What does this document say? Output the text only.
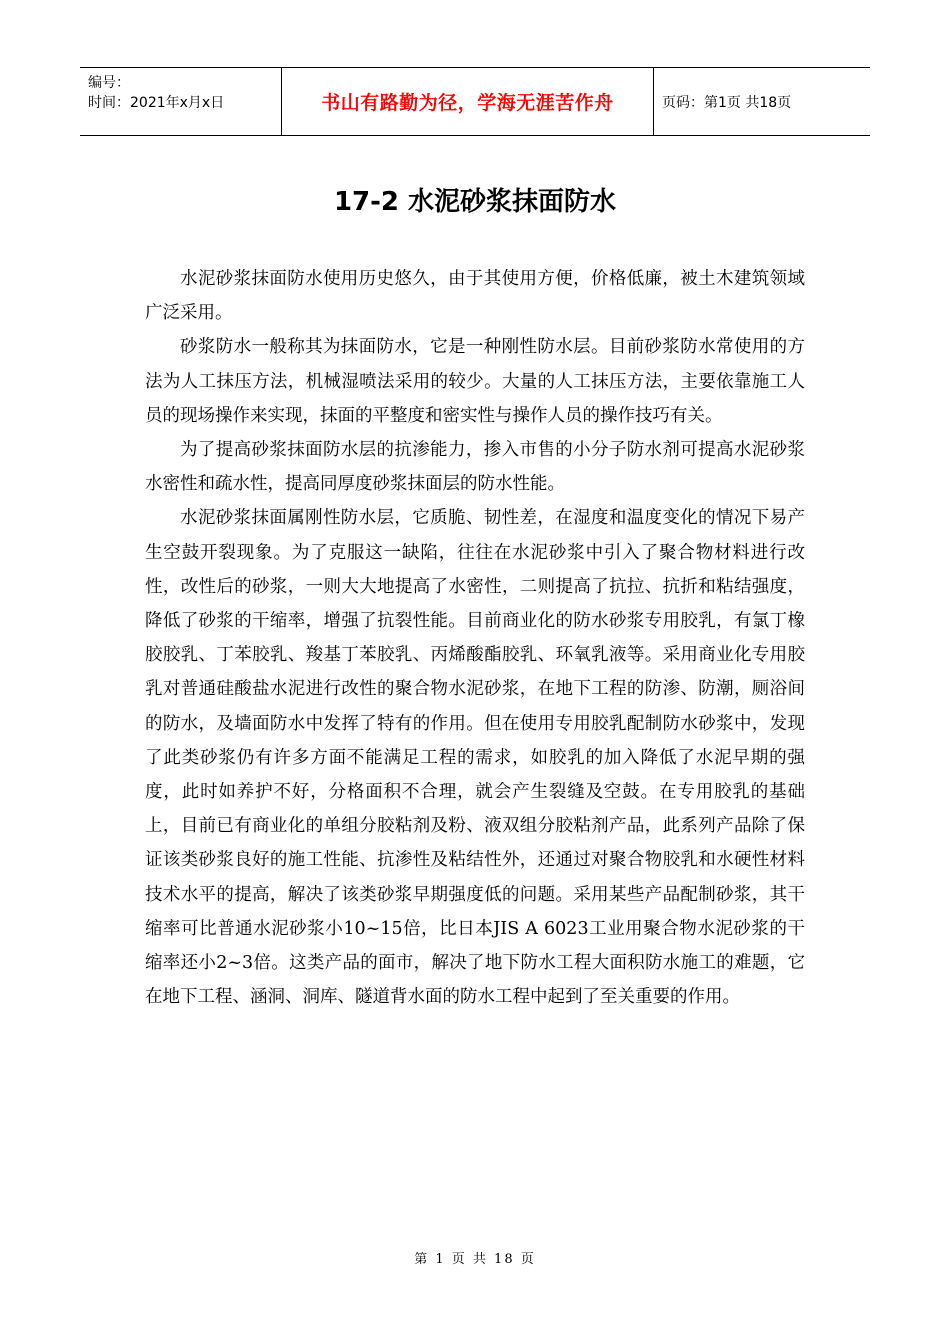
编号：
时间：2021年x月x日	书山有路勤为径，学海无涯苦作舟	页码：第1页 共18页
17-2 水泥砂浆抹面防水

水泥砂浆抹面防水使用历史悠久，由于其使用方便，价格低廉，被土木建筑领域广泛采用。

砂浆防水一般称其为抹面防水，它是一种刚性防水层。目前砂浆防水常使用的方法为人工抹压方法，机械湿喷法采用的较少。大量的人工抹压方法，主要依靠施工人员的现场操作来实现，抹面的平整度和密实性与操作人员的操作技巧有关。

为了提高砂浆抹面防水层的抗渗能力，掺入市售的小分子防水剂可提高水泥砂浆水密性和疏水性，提高同厚度砂浆抹面层的防水性能。

水泥砂浆抹面属刚性防水层，它质脆、韧性差，在湿度和温度变化的情况下易产生空鼓开裂现象。为了克服这一缺陷，往往在水泥砂浆中引入了聚合物材料进行改性，改性后的砂浆，一则大大地提高了水密性，二则提高了抗拉、抗折和粘结强度，降低了砂浆的干缩率，增强了抗裂性能。目前商业化的防水砂浆专用胶乳，有氯丁橡胶胶乳、丁苯胶乳、羧基丁苯胶乳、丙烯酸酯胶乳、环氧乳液等。采用商业化专用胶乳对普通硅酸盐水泥进行改性的聚合物水泥砂浆，在地下工程的防渗、防潮，厕浴间的防水，及墙面防水中发挥了特有的作用。但在使用专用胶乳配制防水砂浆中，发现了此类砂浆仍有许多方面不能满足工程的需求，如胶乳的加入降低了水泥早期的强度，此时如养护不好，分格面积不合理，就会产生裂缝及空鼓。在专用胶乳的基础上，目前已有商业化的单组分胶粘剂及粉、液双组分胶粘剂产品，此系列产品除了保证该类砂浆良好的施工性能、抗渗性及粘结性外，还通过对聚合物胶乳和水硬性材料技术水平的提高，解决了该类砂浆早期强度低的问题。采用某些产品配制砂浆，其干缩率可比普通水泥砂浆小10~15倍，比日本JIS A 6023工业用聚合物水泥砂浆的干缩率还小2~3倍。这类产品的面市，解决了地下防水工程大面积防水施工的难题，它在地下工程、涵洞、洞库、隧道背水面的防水工程中起到了至关重要的作用。

第 1 页 共 18 页
